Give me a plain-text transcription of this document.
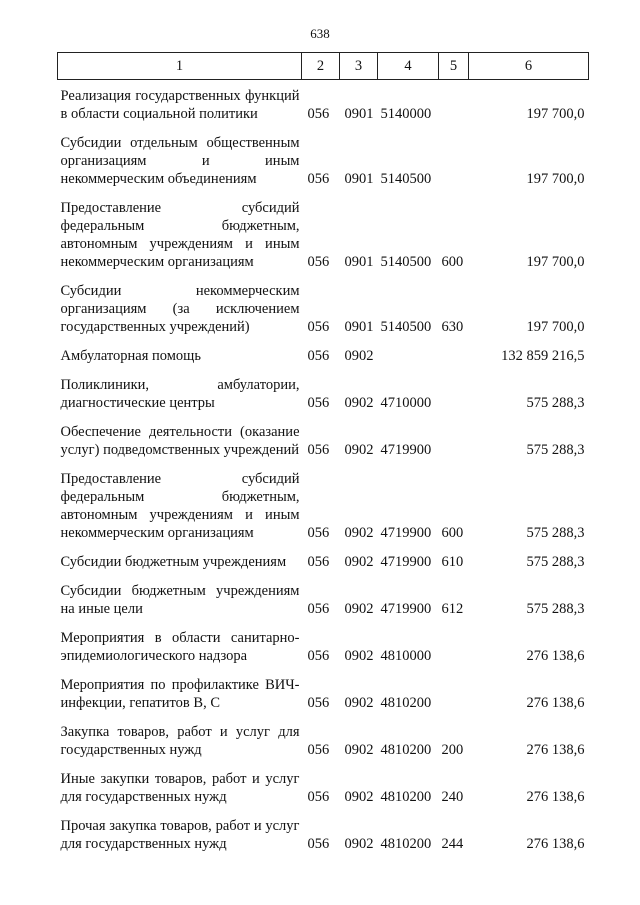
638
1	2	3	4	5	6
Реализация государственных функций в области социальной политики	056	0901	5140000		197 700,0
Субсидии отдельным общественным организациям и иным некоммерческим объединениям	056	0901	5140500		197 700,0
Предоставление субсидий федеральным бюджетным, автономным учреждениям и иным некоммерческим организациям	056	0901	5140500	600	197 700,0
Субсидии некоммерческим организациям (за исключением государственных учреждений)	056	0901	5140500	630	197 700,0
Амбулаторная помощь	056	0902			132 859 216,5
Поликлиники, амбулатории, диагностические центры	056	0902	4710000		575 288,3
Обеспечение деятельности (оказание услуг) подведомственных учреждений	056	0902	4719900		575 288,3
Предоставление субсидий федеральным бюджетным, автономным учреждениям и иным некоммерческим организациям	056	0902	4719900	600	575 288,3
Субсидии бюджетным учреждениям	056	0902	4719900	610	575 288,3
Субсидии бюджетным учреждениям на иные цели	056	0902	4719900	612	575 288,3
Мероприятия в области санитарно-эпидемиологического надзора	056	0902	4810000		276 138,6
Мероприятия по профилактике ВИЧ-инфекции, гепатитов В, С	056	0902	4810200		276 138,6
Закупка товаров, работ и услуг для государственных нужд	056	0902	4810200	200	276 138,6
Иные закупки товаров, работ и услуг для государственных нужд	056	0902	4810200	240	276 138,6
Прочая закупка товаров, работ и услуг для государственных нужд	056	0902	4810200	244	276 138,6
